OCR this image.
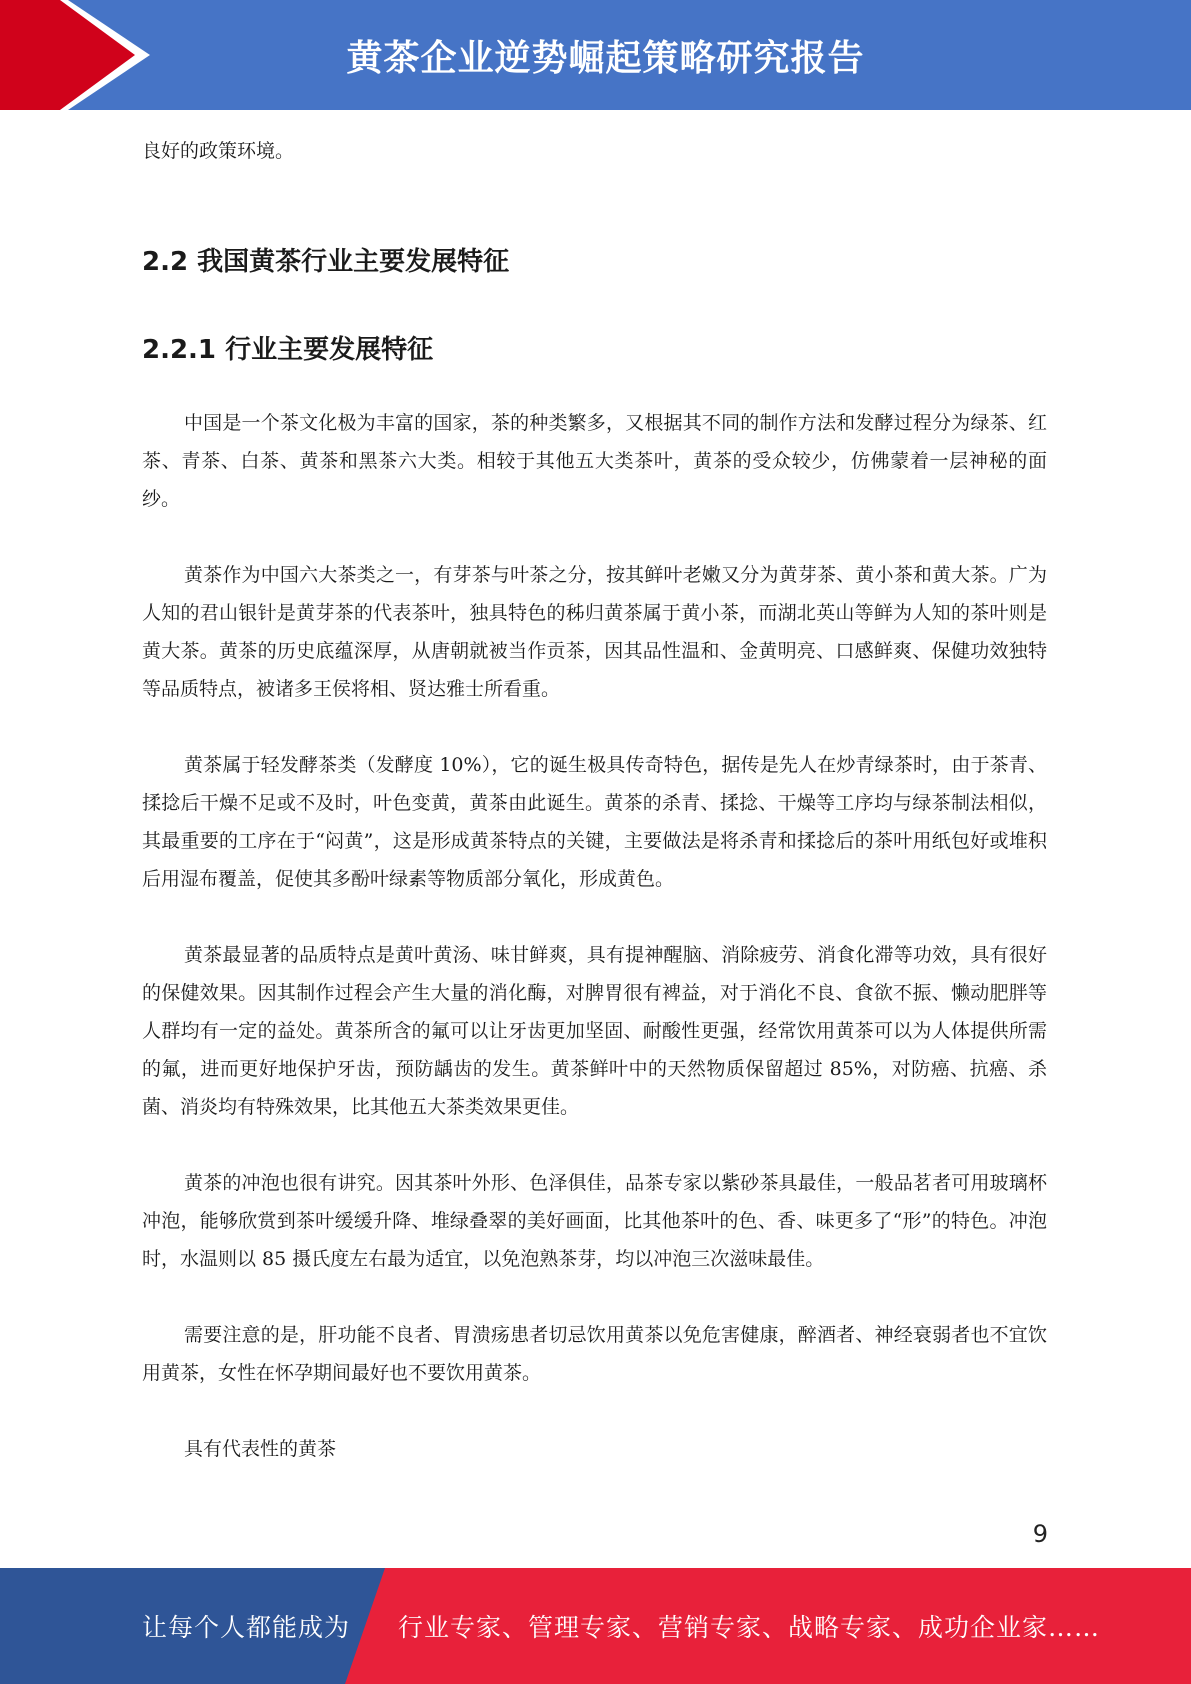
黄茶企业逆势崛起策略研究报告

良好的政策环境。

2.2 我国黄茶行业主要发展特征
2.2.1 行业主要发展特征

中国是一个茶文化极为丰富的国家，茶的种类繁多，又根据其不同的制作方法和发酵过程分为绿茶、红茶、青茶、白茶、黄茶和黑茶六大类。相较于其他五大类茶叶，黄茶的受众较少，仿佛蒙着一层神秘的面纱。

黄茶作为中国六大茶类之一，有芽茶与叶茶之分，按其鲜叶老嫩又分为黄芽茶、黄小茶和黄大茶。广为人知的君山银针是黄芽茶的代表茶叶，独具特色的秭归黄茶属于黄小茶，而湖北英山等鲜为人知的茶叶则是黄大茶。黄茶的历史底蕴深厚，从唐朝就被当作贡茶，因其品性温和、金黄明亮、口感鲜爽、保健功效独特等品质特点，被诸多王侯将相、贤达雅士所看重。

黄茶属于轻发酵茶类（发酵度 10%），它的诞生极具传奇特色，据传是先人在炒青绿茶时，由于茶青、揉捻后干燥不足或不及时，叶色变黄，黄茶由此诞生。黄茶的杀青、揉捻、干燥等工序均与绿茶制法相似，其最重要的工序在于“闷黄”，这是形成黄茶特点的关键，主要做法是将杀青和揉捻后的茶叶用纸包好或堆积后用湿布覆盖，促使其多酚叶绿素等物质部分氧化，形成黄色。

黄茶最显著的品质特点是黄叶黄汤、味甘鲜爽，具有提神醒脑、消除疲劳、消食化滞等功效，具有很好的保健效果。因其制作过程会产生大量的消化酶，对脾胃很有裨益，对于消化不良、食欲不振、懒动肥胖等人群均有一定的益处。黄茶所含的氟可以让牙齿更加坚固、耐酸性更强，经常饮用黄茶可以为人体提供所需的氟，进而更好地保护牙齿，预防龋齿的发生。黄茶鲜叶中的天然物质保留超过 85%，对防癌、抗癌、杀菌、消炎均有特殊效果，比其他五大茶类效果更佳。

黄茶的冲泡也很有讲究。因其茶叶外形、色泽俱佳，品茶专家以紫砂茶具最佳，一般品茗者可用玻璃杯冲泡，能够欣赏到茶叶缓缓升降、堆绿叠翠的美好画面，比其他茶叶的色、香、味更多了“形”的特色。冲泡时，水温则以 85 摄氏度左右最为适宜，以免泡熟茶芽，均以冲泡三次滋味最佳。

需要注意的是，肝功能不良者、胃溃疡患者切忌饮用黄茶以免危害健康，醉酒者、神经衰弱者也不宜饮用黄茶，女性在怀孕期间最好也不要饮用黄茶。

具有代表性的黄茶

9
让每个人都能成为 行业专家、管理专家、营销专家、战略专家、成功企业家……
